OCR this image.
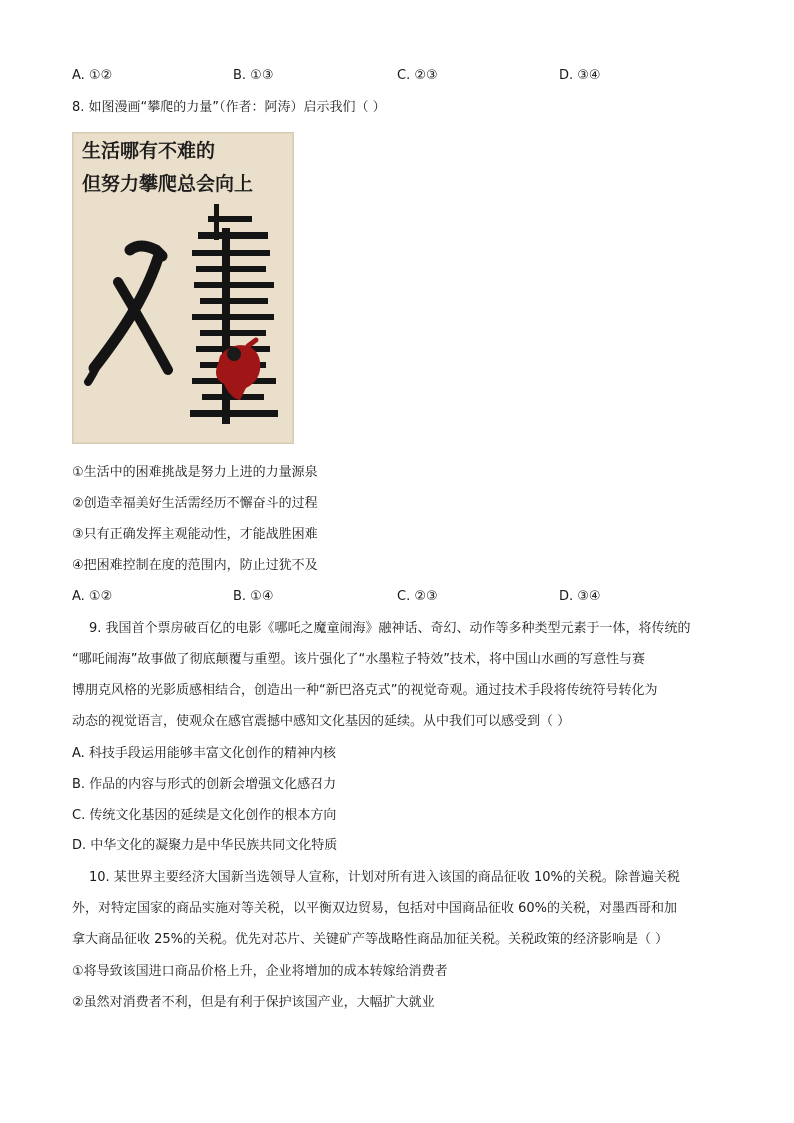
A. ①②	B. ①③	C. ②③	D. ③④
8. 如图漫画“攀爬的力量”（作者：阿涛）启示我们（ ）
生活哪有不难的
但努力攀爬总会向上
①生活中的困难挑战是努力上进的力量源泉
②创造幸福美好生活需经历不懈奋斗的过程
③只有正确发挥主观能动性，才能战胜困难
④把困难控制在度的范围内，防止过犹不及
A. ①②	B. ①④	C. ②③	D. ③④
9. 我国首个票房破百亿的电影《哪吒之魔童闹海》融神话、奇幻、动作等多种类型元素于一体，将传统的
“哪吒闹海”故事做了彻底颠覆与重塑。该片强化了“水墨粒子特效”技术，将中国山水画的写意性与赛
博朋克风格的光影质感相结合，创造出一种“新巴洛克式”的视觉奇观。通过技术手段将传统符号转化为
动态的视觉语言，使观众在感官震撼中感知文化基因的延续。从中我们可以感受到（ ）
A. 科技手段运用能够丰富文化创作的精神内核
B. 作品的内容与形式的创新会增强文化感召力
C. 传统文化基因的延续是文化创作的根本方向
D. 中华文化的凝聚力是中华民族共同文化特质
10. 某世界主要经济大国新当选领导人宣称，计划对所有进入该国的商品征收 10%的关税。除普遍关税
外，对特定国家的商品实施对等关税，以平衡双边贸易，包括对中国商品征收 60%的关税，对墨西哥和加
拿大商品征收 25%的关税。优先对芯片、关键矿产等战略性商品加征关税。关税政策的经济影响是（ ）
①将导致该国进口商品价格上升，企业将增加的成本转嫁给消费者
②虽然对消费者不利，但是有利于保护该国产业，大幅扩大就业
